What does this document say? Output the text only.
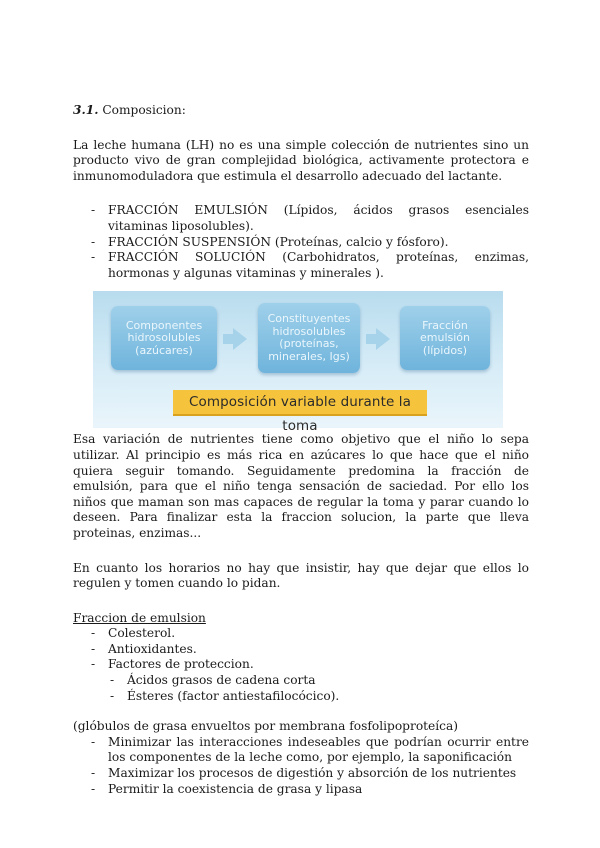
3.1. Composicion:

La leche humana (LH) no es una simple colección de nutrientes sino un producto vivo de gran complejidad biológica, activamente protectora e inmunomoduladora que estimula el desarrollo adecuado del lactante.

- FRACCIÓN EMULSIÓN (Lípidos, ácidos grasos esenciales vitaminas liposolubles).
- FRACCIÓN SUSPENSIÓN (Proteínas, calcio y fósforo).
- FRACCIÓN SOLUCIÓN (Carbohidratos, proteínas, enzimas, hormonas y algunas vitaminas y minerales ).
Componentes
hidrosolubles
(azúcares)
Constituyentes
hidrosolubles
(proteínas,
minerales, Igs)
Fracción
emulsión
(lípidos)
Composición variable durante la toma

Esa variación de nutrientes tiene como objetivo que el niño lo sepa utilizar. Al principio es más rica en azúcares lo que hace que el niño quiera seguir tomando. Seguidamente predomina la fracción de emulsión, para que el niño tenga sensación de saciedad. Por ello los niños que maman son mas capaces de regular la toma y parar cuando lo deseen. Para finalizar esta la fraccion solucion, la parte que lleva proteinas, enzimas...

En cuanto los horarios no hay que insistir, hay que dejar que ellos lo regulen y tomen cuando lo pidan.

Fraccion de emulsion
- Colesterol.
- Antioxidantes.
- Factores de proteccion.
- Ácidos grasos de cadena corta
- Ésteres (factor antiestafilocócico).

(glóbulos de grasa envueltos por membrana fosfolipoproteíca)

- Minimizar las interacciones indeseables que podrían ocurrir entre los componentes de la leche como, por ejemplo, la saponificación
- Maximizar los procesos de digestión y absorción de los nutrientes
- Permitir la coexistencia de grasa y lipasa
